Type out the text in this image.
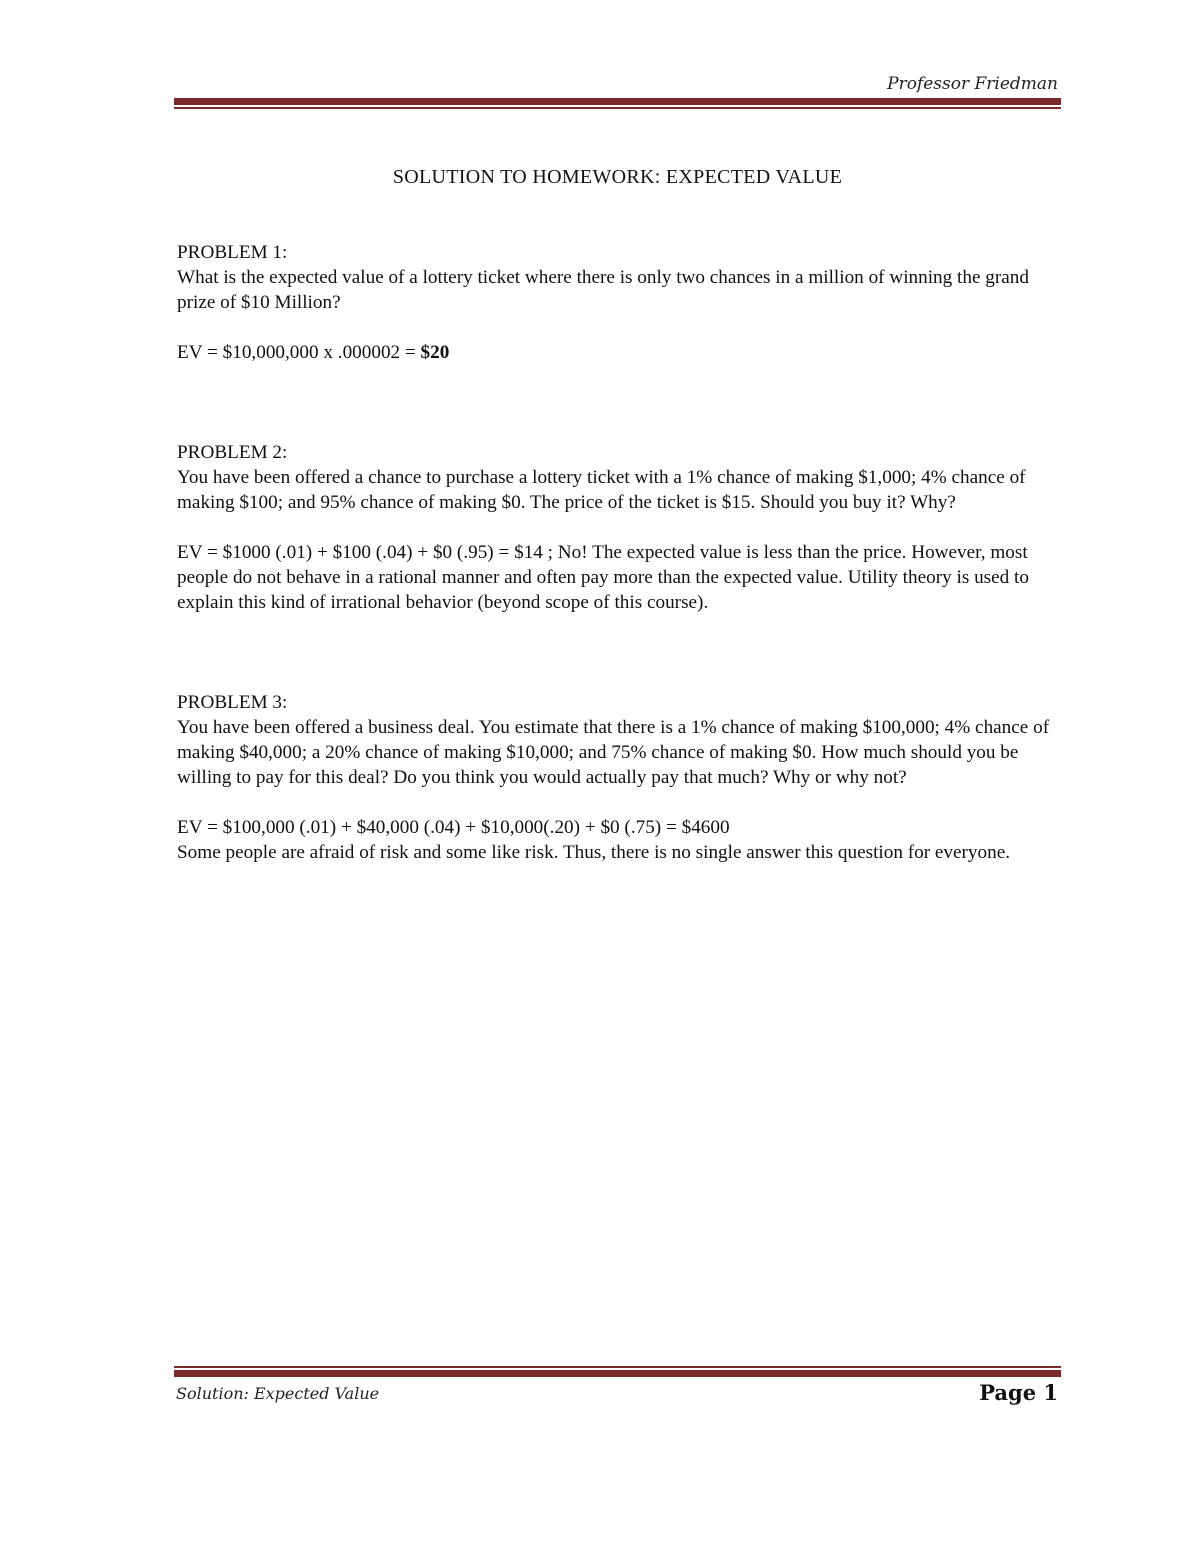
Professor Friedman
SOLUTION TO HOMEWORK: EXPECTED VALUE

PROBLEM 1:

What is the expected value of a lottery ticket where there is only two chances in a million of winning the grand prize of $10 Million?

EV = $10,000,000 x .000002 = $20

PROBLEM 2:

You have been offered a chance to purchase a lottery ticket with a 1% chance of making $1,000; 4% chance of making $100; and 95% chance of making $0. The price of the ticket is $15. Should you buy it? Why?

EV = $1000 (.01) + $100 (.04) + $0 (.95) = $14 ; No! The expected value is less than the price. However, most people do not behave in a rational manner and often pay more than the expected value. Utility theory is used to explain this kind of irrational behavior (beyond scope of this course).

PROBLEM 3:

You have been offered a business deal. You estimate that there is a 1% chance of making $100,000; 4% chance of making $40,000; a 20% chance of making $10,000; and 75% chance of making $0. How much should you be willing to pay for this deal? Do you think you would actually pay that much? Why or why not?

EV = $100,000 (.01) + $40,000 (.04) + $10,000(.20) + $0 (.75) = $4600

Some people are afraid of risk and some like risk. Thus, there is no single answer this question for everyone.

Solution: Expected Value	Page 1
